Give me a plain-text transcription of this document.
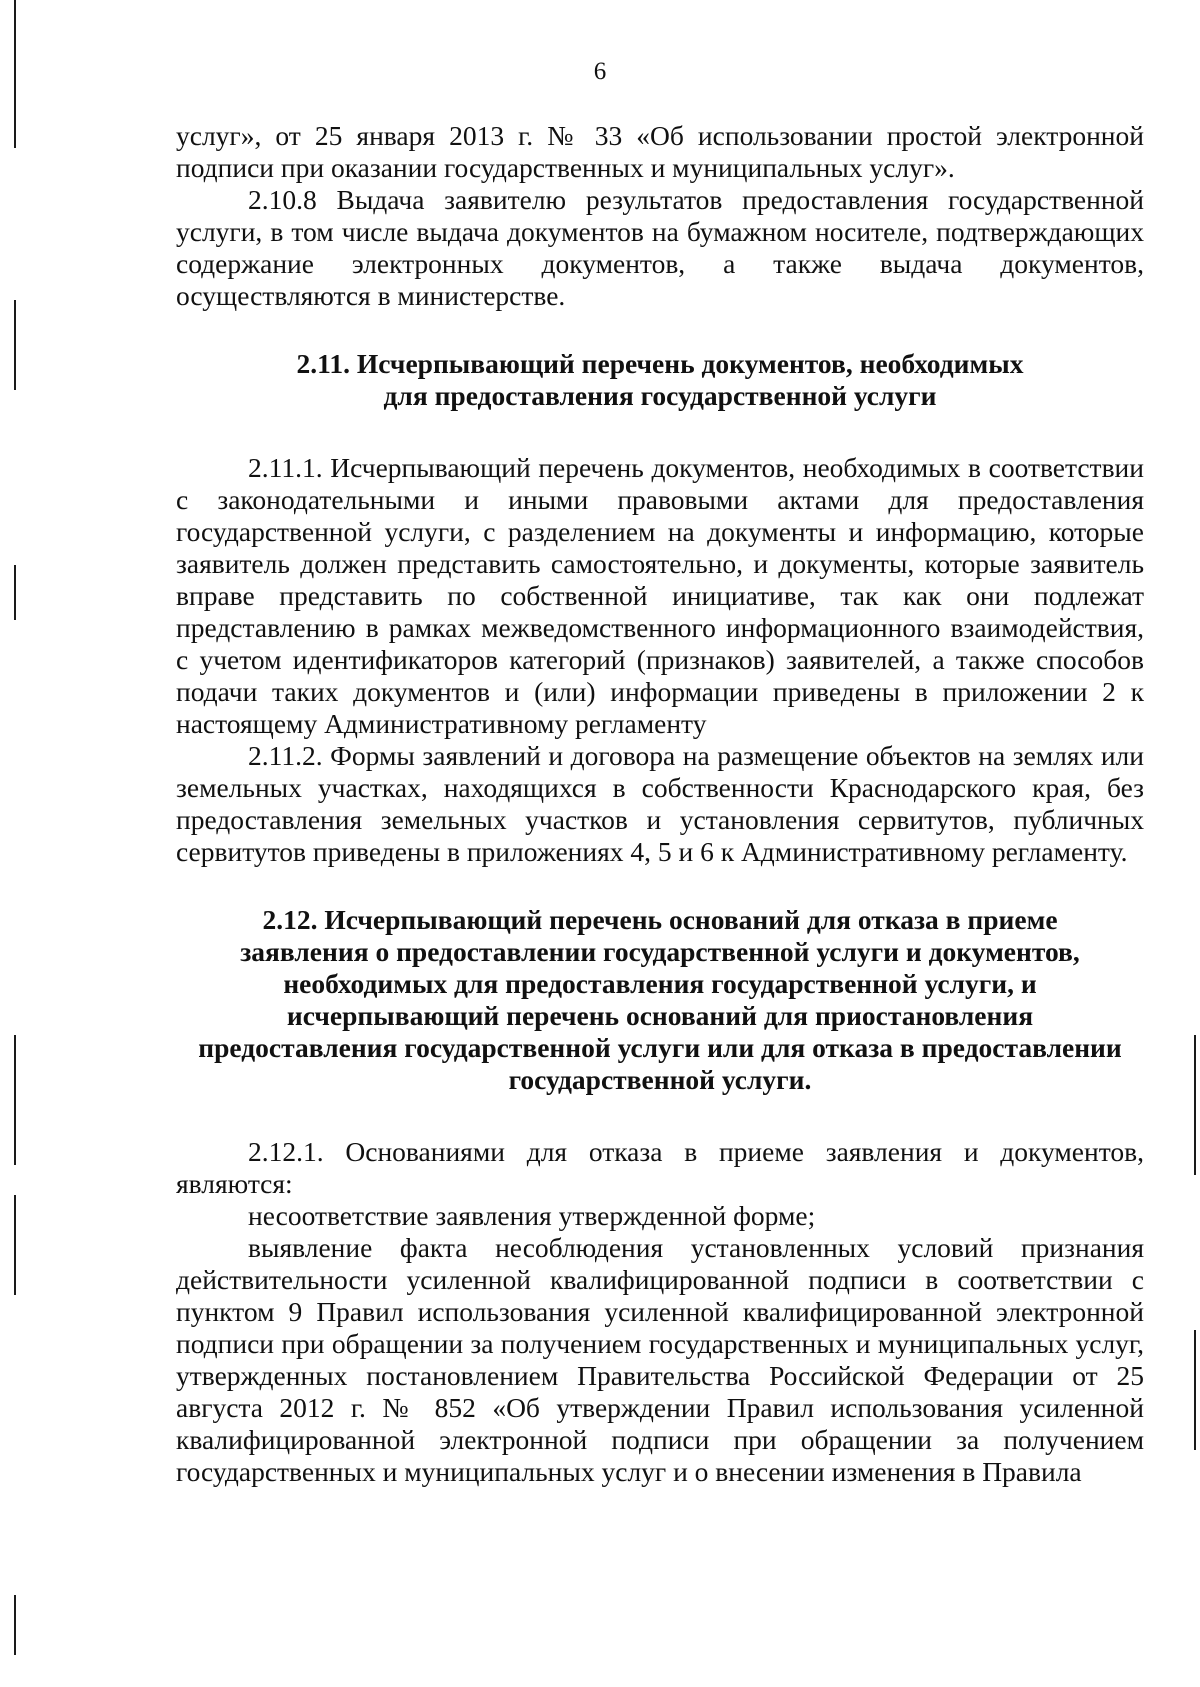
6

услуг», от 25 января 2013 г. № 33 «Об использовании простой электронной подписи при оказании государственных и муниципальных услуг».

2.10.8 Выдача заявителю результатов предоставления государственной услуги, в том числе выдача документов на бумажном носителе, подтверждающих содержание электронных документов, а также выдача документов, осуществляются в министерстве.

2.11. Исчерпывающий перечень документов, необходимых

для предоставления государственной услуги

2.11.1. Исчерпывающий перечень документов, необходимых в соответствии с законодательными и иными правовыми актами для предоставления государственной услуги, с разделением на документы и информацию, которые заявитель должен представить самостоятельно, и документы, которые заявитель вправе представить по собственной инициативе, так как они подлежат представлению в рамках межведомственного информационного взаимодействия, с учетом идентификаторов категорий (признаков) заявителей, а также способов подачи таких документов и (или) информации приведены в приложении 2 к настоящему Административному регламенту

2.11.2. Формы заявлений и договора на размещение объектов на землях или земельных участках, находящихся в собственности Краснодарского края, без предоставления земельных участков и установления сервитутов, публичных сервитутов приведены в приложениях 4, 5 и 6 к Административному регламенту.

2.12. Исчерпывающий перечень оснований для отказа в приеме

заявления о предоставлении государственной услуги и документов,

необходимых для предоставления государственной услуги, и

исчерпывающий перечень оснований для приостановления

предоставления государственной услуги или для отказа в предоставлении

государственной услуги.

2.12.1. Основаниями для отказа в приеме заявления и документов, являются:

несоответствие заявления утвержденной форме;

выявление факта несоблюдения установленных условий признания действительности усиленной квалифицированной подписи в соответствии с пунктом 9 Правил использования усиленной квалифицированной электронной подписи при обращении за получением государственных и муниципальных услуг, утвержденных постановлением Правительства Российской Федерации от 25 августа 2012 г. № 852 «Об утверждении Правил использования усиленной квалифицированной электронной подписи при обращении за получением государственных и муниципальных услуг и о внесении изменения в Правила
